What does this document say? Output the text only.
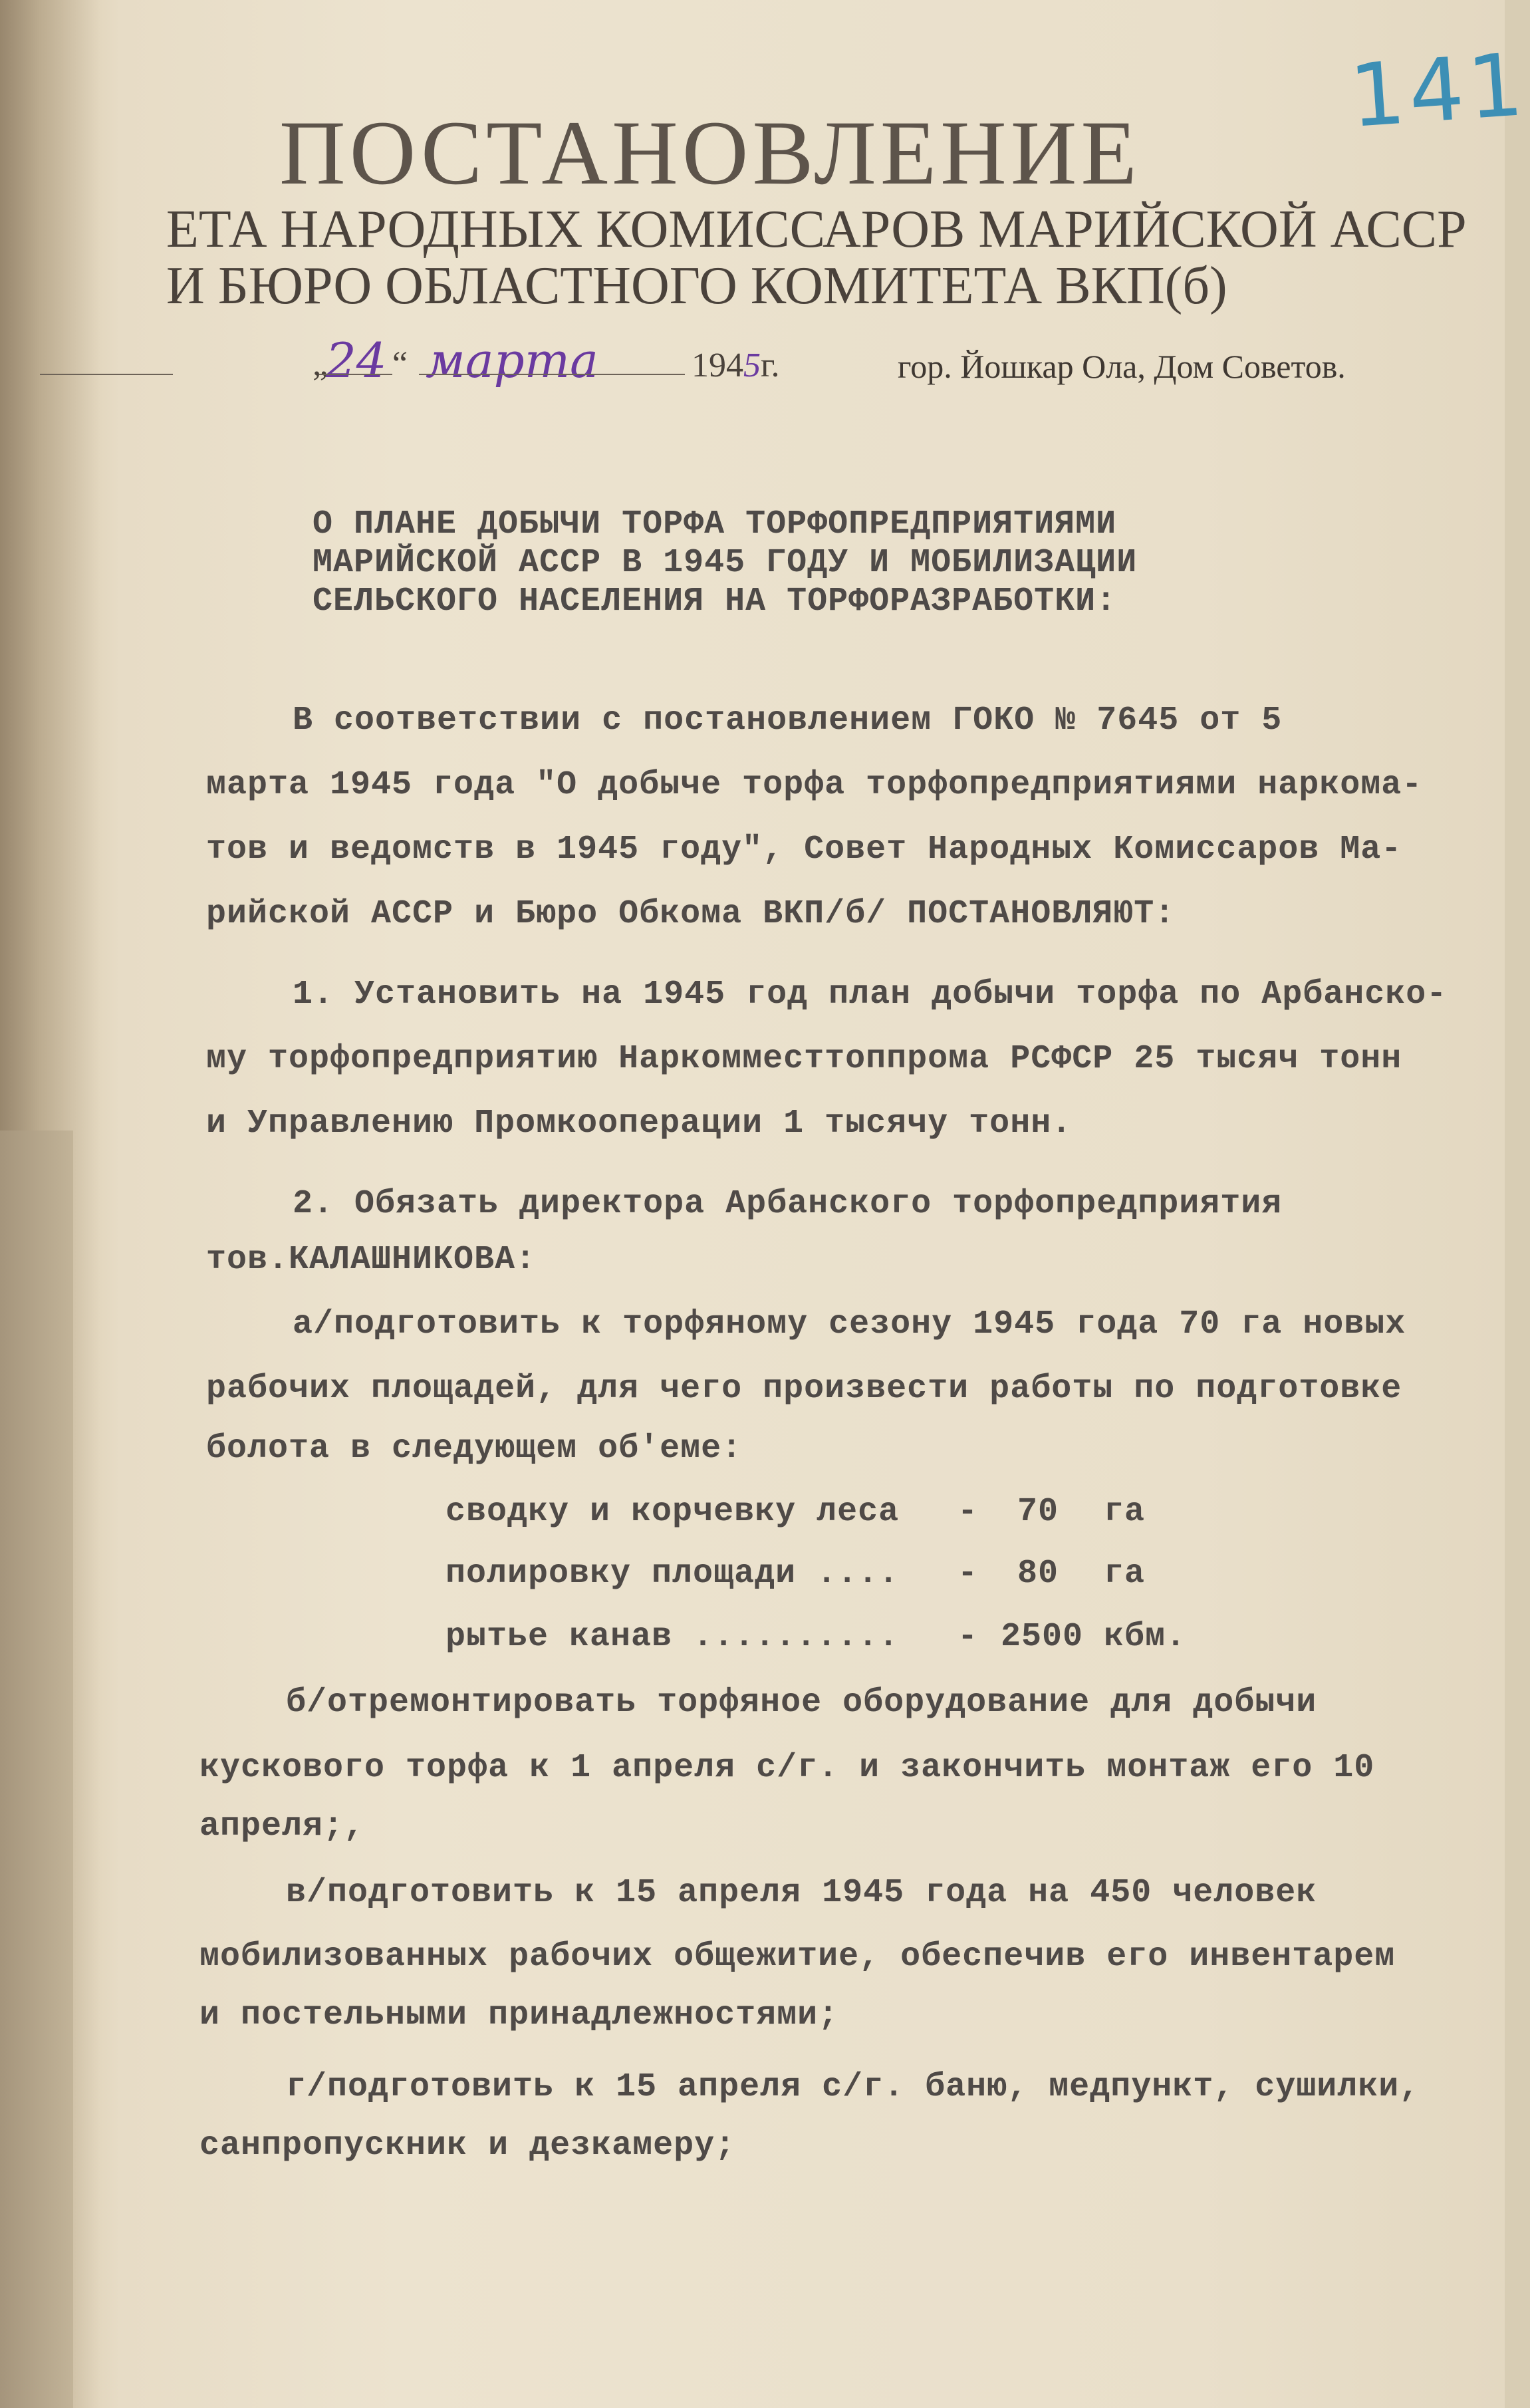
141
ПОСТАНОВЛЕНИЕ
ЕТА НАРОДНЫХ КОМИССАРОВ МАРИЙСКОЙ АССР
И БЮРО ОБЛАСТНОГО КОМИТЕТА ВКП(б)
„
24 “ марта	1945г.	гор. Йошкар Ола, Дом Советов.
О ПЛАНЕ ДОБЫЧИ ТОРФА ТОРФОПРЕДПРИЯТИЯМИ
МАРИЙСКОЙ АССР В 1945 ГОДУ И МОБИЛИЗАЦИИ
СЕЛЬСКОГО НАСЕЛЕНИЯ НА ТОРФОРАЗРАБОТКИ:
В соответствии с постановлением ГОКО № 7645 от 5
марта 1945 года "О добыче торфа торфопредприятиями наркома-
тов и ведомств в 1945 году", Совет Народных Комиссаров Ма-
рийской АССР и Бюро Обкома ВКП/б/ ПОСТАНОВЛЯЮТ:
1. Установить на 1945 год план добычи торфа по Арбанско-
му торфопредприятию Наркомместтоппрома РСФСР 25 тысяч тонн
и Управлению Промкооперации 1 тысячу тонн.
2. Обязать директора Арбанского торфопредприятия
тов.КАЛАШНИКОВА:
а/подготовить к торфяному сезону 1945 года 70 га новых
рабочих площадей, для чего произвести работы по подготовке
болота в следующем об'еме:
сводку и корчевку леса - 70 га
полировку площади .... - 80 га
рытье канав .......... - 2500 кбм.
б/отремонтировать торфяное оборудование для добычи
кускового торфа к 1 апреля с/г. и закончить монтаж его 10
апреля;,
в/подготовить к 15 апреля 1945 года на 450 человек
мобилизованных рабочих общежитие, обеспечив его инвентарем
и постельными принадлежностями;
г/подготовить к 15 апреля с/г. баню, медпункт, сушилки,
санпропускник и дезкамеру;
